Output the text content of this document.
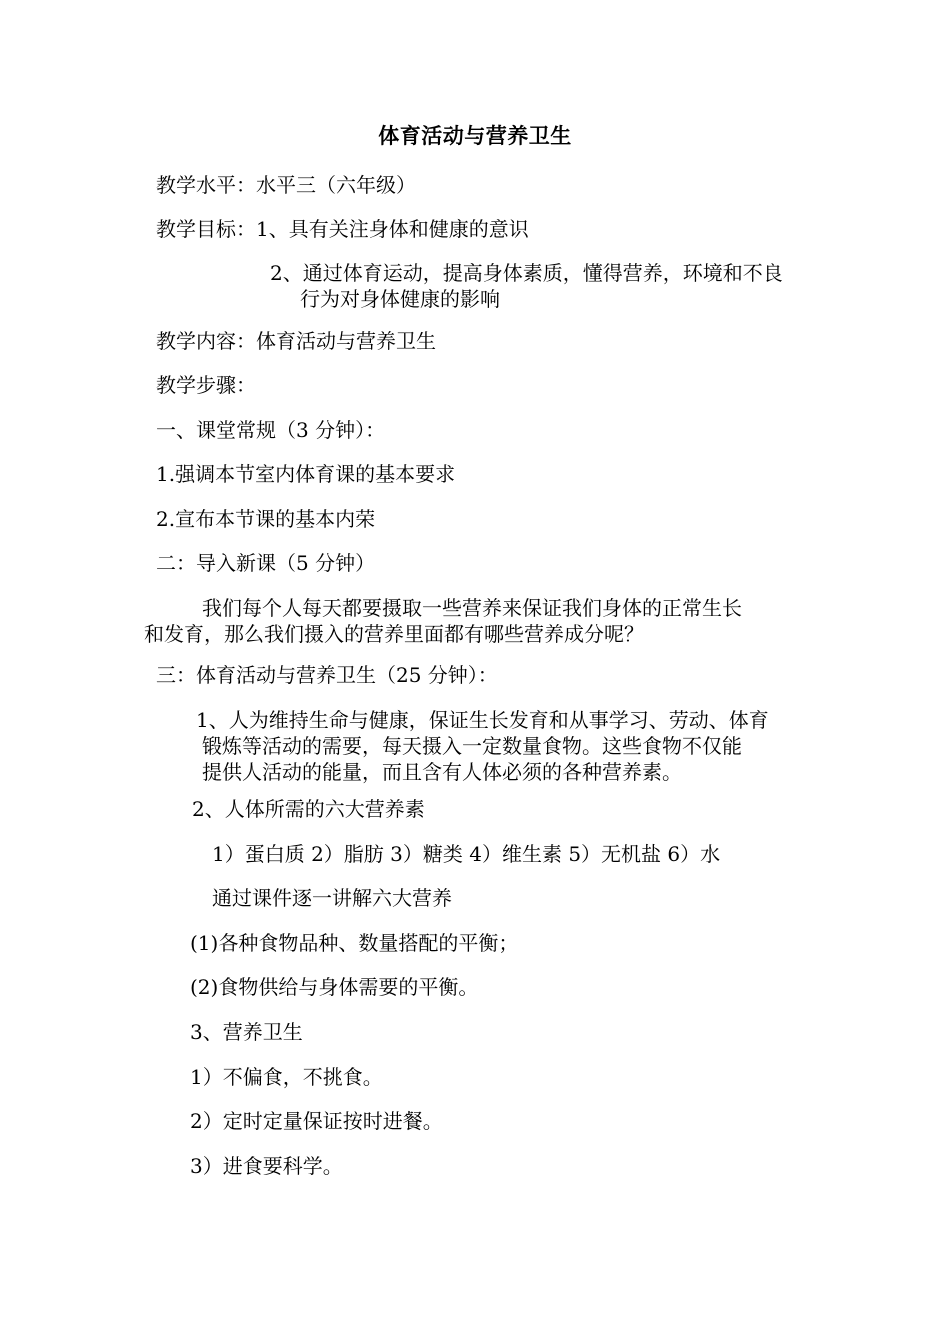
体育活动与营养卫生
教学水平：水平三（六年级）
教学目标：1、具有关注身体和健康的意识
2、通过体育运动，提高身体素质，懂得营养，环境和不良
行为对身体健康的影响
教学内容：体育活动与营养卫生
教学步骤：
一、课堂常规（3 分钟）：
1.强调本节室内体育课的基本要求
2.宣布本节课的基本内荣
二：导入新课（5 分钟）
我们每个人每天都要摄取一些营养来保证我们身体的正常生长
和发育，那么我们摄入的营养里面都有哪些营养成分呢？
三：体育活动与营养卫生（25 分钟）：
1、人为维持生命与健康，保证生长发育和从事学习、劳动、体育
锻炼等活动的需要，每天摄入一定数量食物。这些食物不仅能
提供人活动的能量，而且含有人体必须的各种营养素。
2、人体所需的六大营养素
1）蛋白质 2）脂肪 3）糖类 4）维生素 5）无机盐 6）水
通过课件逐一讲解六大营养
(1)各种食物品种、数量搭配的平衡；
(2)食物供给与身体需要的平衡。
3、营养卫生
1）不偏食，不挑食。
2）定时定量保证按时进餐。
3）进食要科学。
